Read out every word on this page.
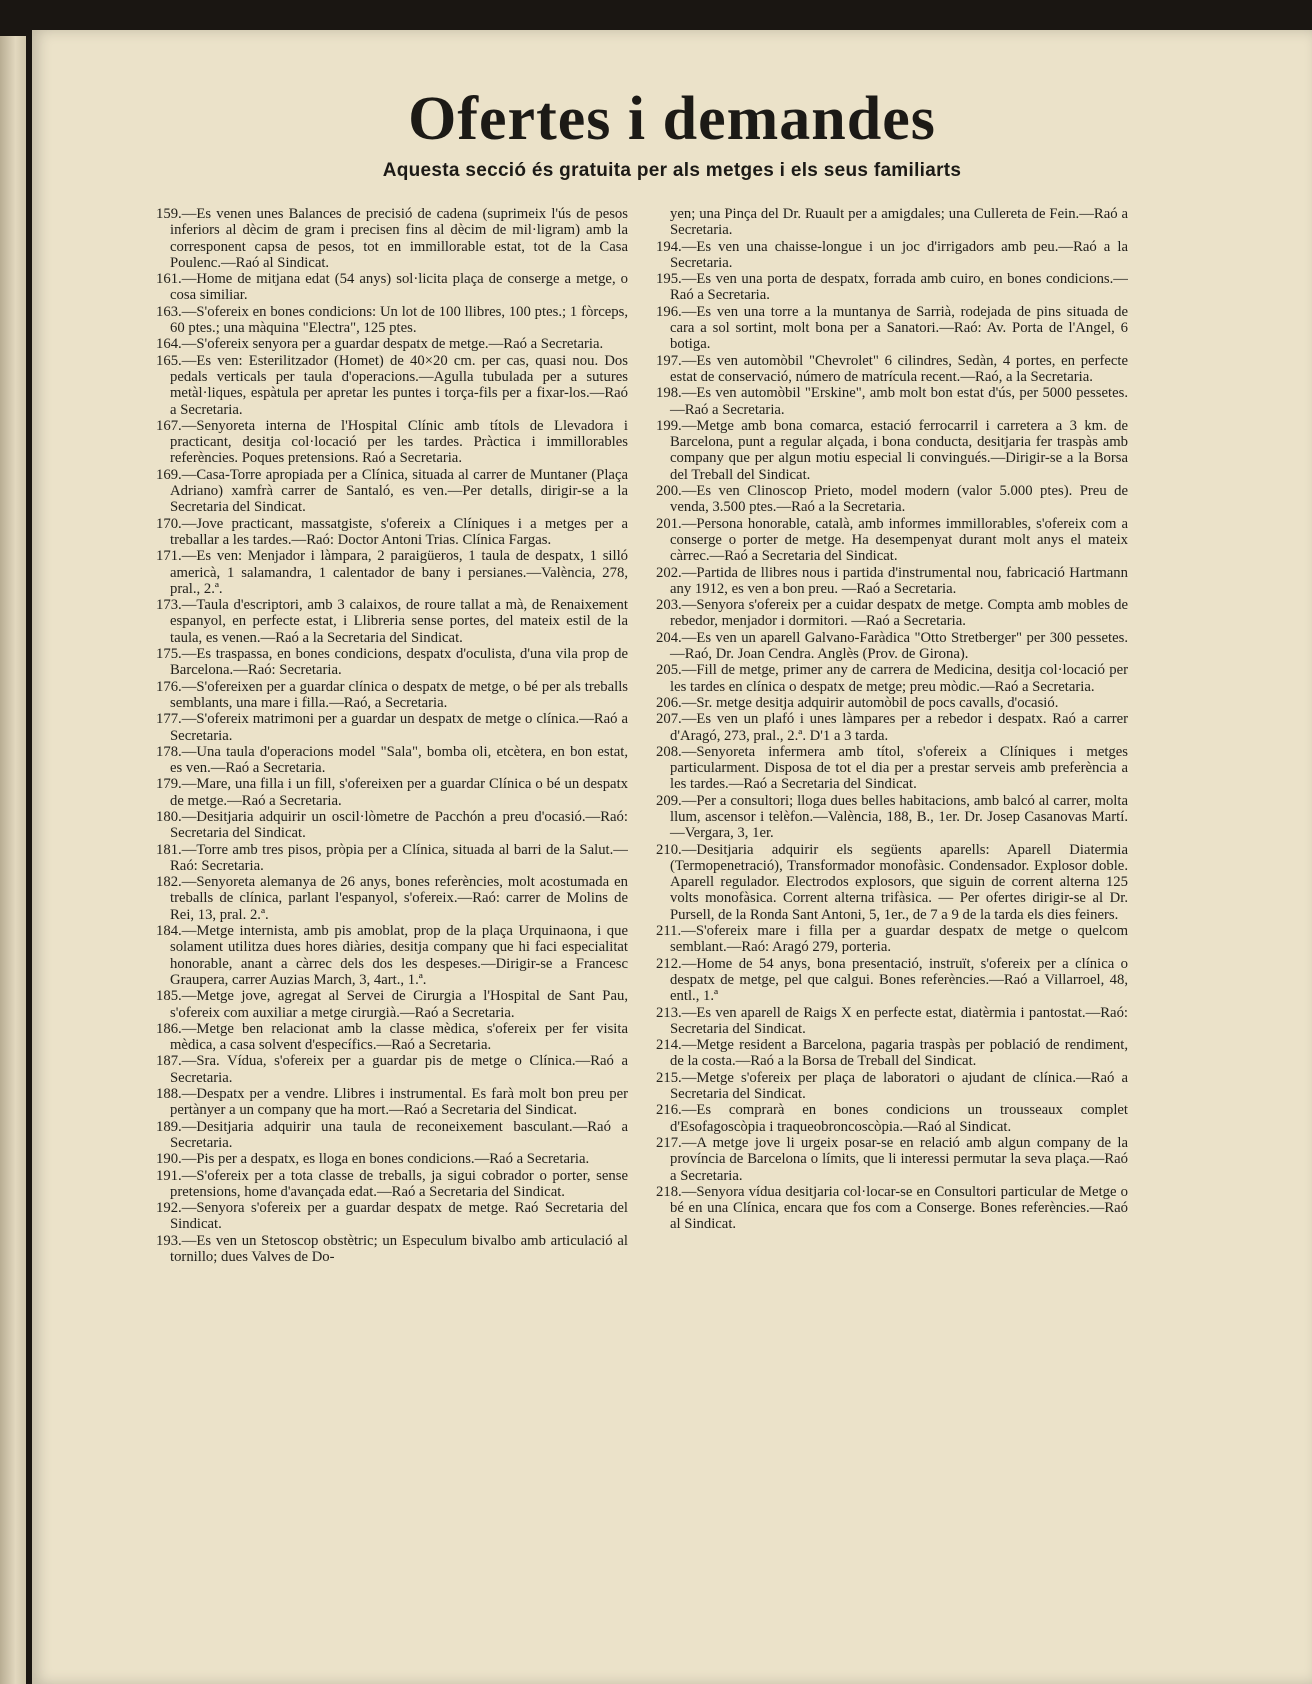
Ofertes i demandes

Aquesta secció és gratuita per als metges i els seus familiarts

159.—Es venen unes Balances de precisió de cadena (suprimeix l'ús de pesos inferiors al dècim de gram i precisen fins al dècim de mil·ligram) amb la corresponent capsa de pesos, tot en immillorable estat, tot de la Casa Poulenc.—Raó al Sindicat.

161.—Home de mitjana edat (54 anys) sol·licita plaça de conserge a metge, o cosa similiar.

163.—S'ofereix en bones condicions: Un lot de 100 llibres, 100 ptes.; 1 fòrceps, 60 ptes.; una màquina "Electra", 125 ptes.

164.—S'ofereix senyora per a guardar despatx de metge.—Raó a Secretaria.

165.—Es ven: Esterilitzador (Homet) de 40×20 cm. per cas, quasi nou. Dos pedals verticals per taula d'operacions.—Agulla tubulada per a sutures metàl·liques, espàtula per apretar les puntes i torça-fils per a fixar-los.—Raó a Secretaria.

167.—Senyoreta interna de l'Hospital Clínic amb títols de Llevadora i practicant, desitja col·locació per les tardes. Pràctica i immillorables referències. Poques pretensions. Raó a Secretaria.

169.—Casa-Torre apropiada per a Clínica, situada al carrer de Muntaner (Plaça Adriano) xamfrà carrer de Santaló, es ven.—Per detalls, dirigir-se a la Secretaria del Sindicat.

170.—Jove practicant, massatgiste, s'ofereix a Clíniques i a metges per a treballar a les tardes.—Raó: Doctor Antoni Trias. Clínica Fargas.

171.—Es ven: Menjador i làmpara, 2 paraigüeros, 1 taula de despatx, 1 silló americà, 1 salamandra, 1 calentador de bany i persianes.—València, 278, pral., 2.ª.

173.—Taula d'escriptori, amb 3 calaixos, de roure tallat a mà, de Renaixement espanyol, en perfecte estat, i Llibreria sense portes, del mateix estil de la taula, es venen.—Raó a la Secretaria del Sindicat.

175.—Es traspassa, en bones condicions, despatx d'oculista, d'una vila prop de Barcelona.—Raó: Secretaria.

176.—S'ofereixen per a guardar clínica o despatx de metge, o bé per als treballs semblants, una mare i filla.—Raó, a Secretaria.

177.—S'ofereix matrimoni per a guardar un despatx de metge o clínica.—Raó a Secretaria.

178.—Una taula d'operacions model "Sala", bomba oli, etcètera, en bon estat, es ven.—Raó a Secretaria.

179.—Mare, una filla i un fill, s'ofereixen per a guardar Clínica o bé un despatx de metge.—Raó a Secretaria.

180.—Desitjaria adquirir un oscil·lòmetre de Pacchón a preu d'ocasió.—Raó: Secretaria del Sindicat.

181.—Torre amb tres pisos, pròpia per a Clínica, situada al barri de la Salut.—Raó: Secretaria.

182.—Senyoreta alemanya de 26 anys, bones referències, molt acostumada en treballs de clínica, parlant l'espanyol, s'ofereix.—Raó: carrer de Molins de Rei, 13, pral. 2.ª.

184.—Metge internista, amb pis amoblat, prop de la plaça Urquinaona, i que solament utilitza dues hores diàries, desitja company que hi faci especialitat honorable, anant a càrrec dels dos les despeses.—Dirigir-se a Francesc Graupera, carrer Auzias March, 3, 4art., 1.ª.

185.—Metge jove, agregat al Servei de Cirurgia a l'Hospital de Sant Pau, s'ofereix com auxiliar a metge cirurgià.—Raó a Secretaria.

186.—Metge ben relacionat amb la classe mèdica, s'ofereix per fer visita mèdica, a casa solvent d'específics.—Raó a Secretaria.

187.—Sra. Vídua, s'ofereix per a guardar pis de metge o Clínica.—Raó a Secretaria.

188.—Despatx per a vendre. Llibres i instrumental. Es farà molt bon preu per pertànyer a un company que ha mort.—Raó a Secretaria del Sindicat.

189.—Desitjaria adquirir una taula de reconeixement basculant.—Raó a Secretaria.

190.—Pis per a despatx, es lloga en bones condicions.—Raó a Secretaria.

191.—S'ofereix per a tota classe de treballs, ja sigui cobrador o porter, sense pretensions, home d'avançada edat.—Raó a Secretaria del Sindicat.

192.—Senyora s'ofereix per a guardar despatx de metge. Raó Secretaria del Sindicat.

193.—Es ven un Stetoscop obstètric; un Especulum bivalbo amb articulació al tornillo; dues Valves de Do-

yen; una Pinça del Dr. Ruault per a amigdales; una Cullereta de Fein.—Raó a Secretaria.

194.—Es ven una chaisse-longue i un joc d'irrigadors amb peu.—Raó a la Secretaria.

195.—Es ven una porta de despatx, forrada amb cuiro, en bones condicions.—Raó a Secretaria.

196.—Es ven una torre a la muntanya de Sarrià, rodejada de pins situada de cara a sol sortint, molt bona per a Sanatori.—Raó: Av. Porta de l'Angel, 6 botiga.

197.—Es ven automòbil "Chevrolet" 6 cilindres, Sedàn, 4 portes, en perfecte estat de conservació, número de matrícula recent.—Raó, a la Secretaria.

198.—Es ven automòbil "Erskine", amb molt bon estat d'ús, per 5000 pessetes.—Raó a Secretaria.

199.—Metge amb bona comarca, estació ferrocarril i carretera a 3 km. de Barcelona, punt a regular alçada, i bona conducta, desitjaria fer traspàs amb company que per algun motiu especial li convingués.—Dirigir-se a la Borsa del Treball del Sindicat.

200.—Es ven Clinoscop Prieto, model modern (valor 5.000 ptes). Preu de venda, 3.500 ptes.—Raó a la Secretaria.

201.—Persona honorable, català, amb informes immillorables, s'ofereix com a conserge o porter de metge. Ha desempenyat durant molt anys el mateix càrrec.—Raó a Secretaria del Sindicat.

202.—Partida de llibres nous i partida d'instrumental nou, fabricació Hartmann any 1912, es ven a bon preu. —Raó a Secretaria.

203.—Senyora s'ofereix per a cuidar despatx de metge. Compta amb mobles de rebedor, menjador i dormitori. —Raó a Secretaria.

204.—Es ven un aparell Galvano-Faràdica "Otto Stretberger" per 300 pessetes.—Raó, Dr. Joan Cendra. Anglès (Prov. de Girona).

205.—Fill de metge, primer any de carrera de Medicina, desitja col·locació per les tardes en clínica o despatx de metge; preu mòdic.—Raó a Secretaria.

206.—Sr. metge desitja adquirir automòbil de pocs cavalls, d'ocasió.

207.—Es ven un plafó i unes làmpares per a rebedor i despatx. Raó a carrer d'Aragó, 273, pral., 2.ª. D'1 a 3 tarda.

208.—Senyoreta infermera amb títol, s'ofereix a Clíniques i metges particularment. Disposa de tot el dia per a prestar serveis amb preferència a les tardes.—Raó a Secretaria del Sindicat.

209.—Per a consultori; lloga dues belles habitacions, amb balcó al carrer, molta llum, ascensor i telèfon.—València, 188, B., 1er. Dr. Josep Casanovas Martí.—Vergara, 3, 1er.

210.—Desitjaria adquirir els següents aparells: Aparell Diatermia (Termopenetració), Transformador monofàsic. Condensador. Explosor doble. Aparell regulador. Electrodos explosors, que siguin de corrent alterna 125 volts monofàsica. Corrent alterna trifàsica. — Per ofertes dirigir-se al Dr. Pursell, de la Ronda Sant Antoni, 5, 1er., de 7 a 9 de la tarda els dies feiners.

211.—S'ofereix mare i filla per a guardar despatx de metge o quelcom semblant.—Raó: Aragó 279, porteria.

212.—Home de 54 anys, bona presentació, instruït, s'ofereix per a clínica o despatx de metge, pel que calgui. Bones referències.—Raó a Villarroel, 48, entl., 1.ª

213.—Es ven aparell de Raigs X en perfecte estat, diatèrmia i pantostat.—Raó: Secretaria del Sindicat.

214.—Metge resident a Barcelona, pagaria traspàs per població de rendiment, de la costa.—Raó a la Borsa de Treball del Sindicat.

215.—Metge s'ofereix per plaça de laboratori o ajudant de clínica.—Raó a Secretaria del Sindicat.

216.—Es comprarà en bones condicions un trousseaux complet d'Esofagoscòpia i traqueobroncoscòpia.—Raó al Sindicat.

217.—A metge jove li urgeix posar-se en relació amb algun company de la província de Barcelona o límits, que li interessi permutar la seva plaça.—Raó a Secretaria.

218.—Senyora vídua desitjaria col·locar-se en Consultori particular de Metge o bé en una Clínica, encara que fos com a Conserge. Bones referències.—Raó al Sindicat.
